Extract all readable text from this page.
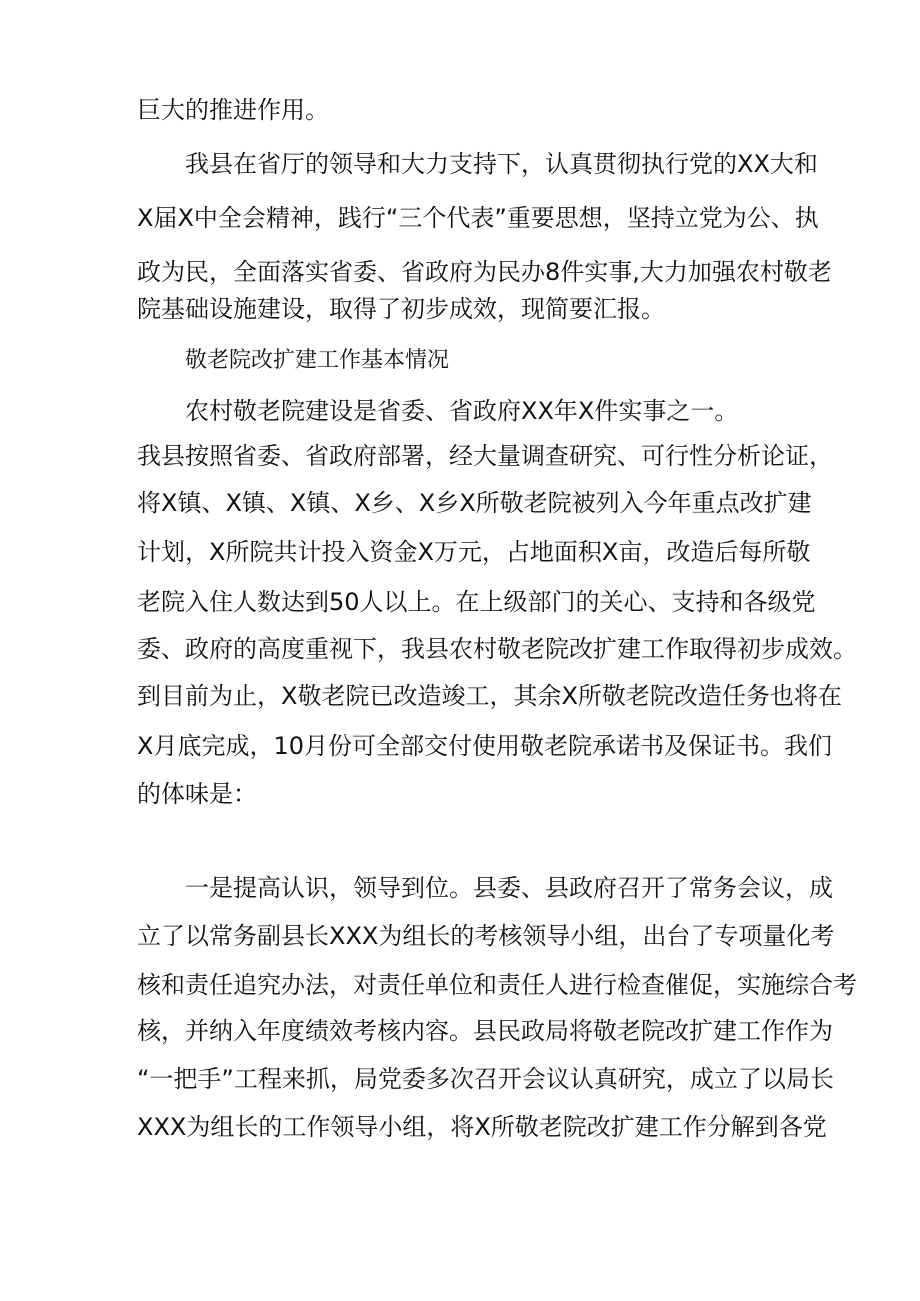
巨大的推进作用。
我县在省厅的领导和大力支持下，认真贯彻执行党的XX大和
X届X中全会精神，践行“三个代表”重要思想，坚持立党为公、执
政为民，全面落实省委、省政府为民办8件实事,大力加强农村敬老
院基础设施建设，取得了初步成效，现简要汇报。
敬老院改扩建工作基本情况
农村敬老院建设是省委、省政府XX年X件实事之一。
我县按照省委、省政府部署，经大量调查研究、可行性分析论证，
将X镇、X镇、X镇、X乡、X乡X所敬老院被列入今年重点改扩建
计划，X所院共计投入资金X万元，占地面积X亩，改造后每所敬
老院入住人数达到50人以上。在上级部门的关心、支持和各级党
委、政府的高度重视下，我县农村敬老院改扩建工作取得初步成效。
到目前为止，X敬老院已改造竣工，其余X所敬老院改造任务也将在
X月底完成，10月份可全部交付使用敬老院承诺书及保证书。我们
的体味是：
一是提高认识，领导到位。县委、县政府召开了常务会议，成
立了以常务副县长XXX为组长的考核领导小组，出台了专项量化考
核和责任追究办法，对责任单位和责任人进行检查催促，实施综合考
核，并纳入年度绩效考核内容。县民政局将敬老院改扩建工作作为
“一把手”工程来抓，局党委多次召开会议认真研究，成立了以局长
XXX为组长的工作领导小组，将X所敬老院改扩建工作分解到各党
